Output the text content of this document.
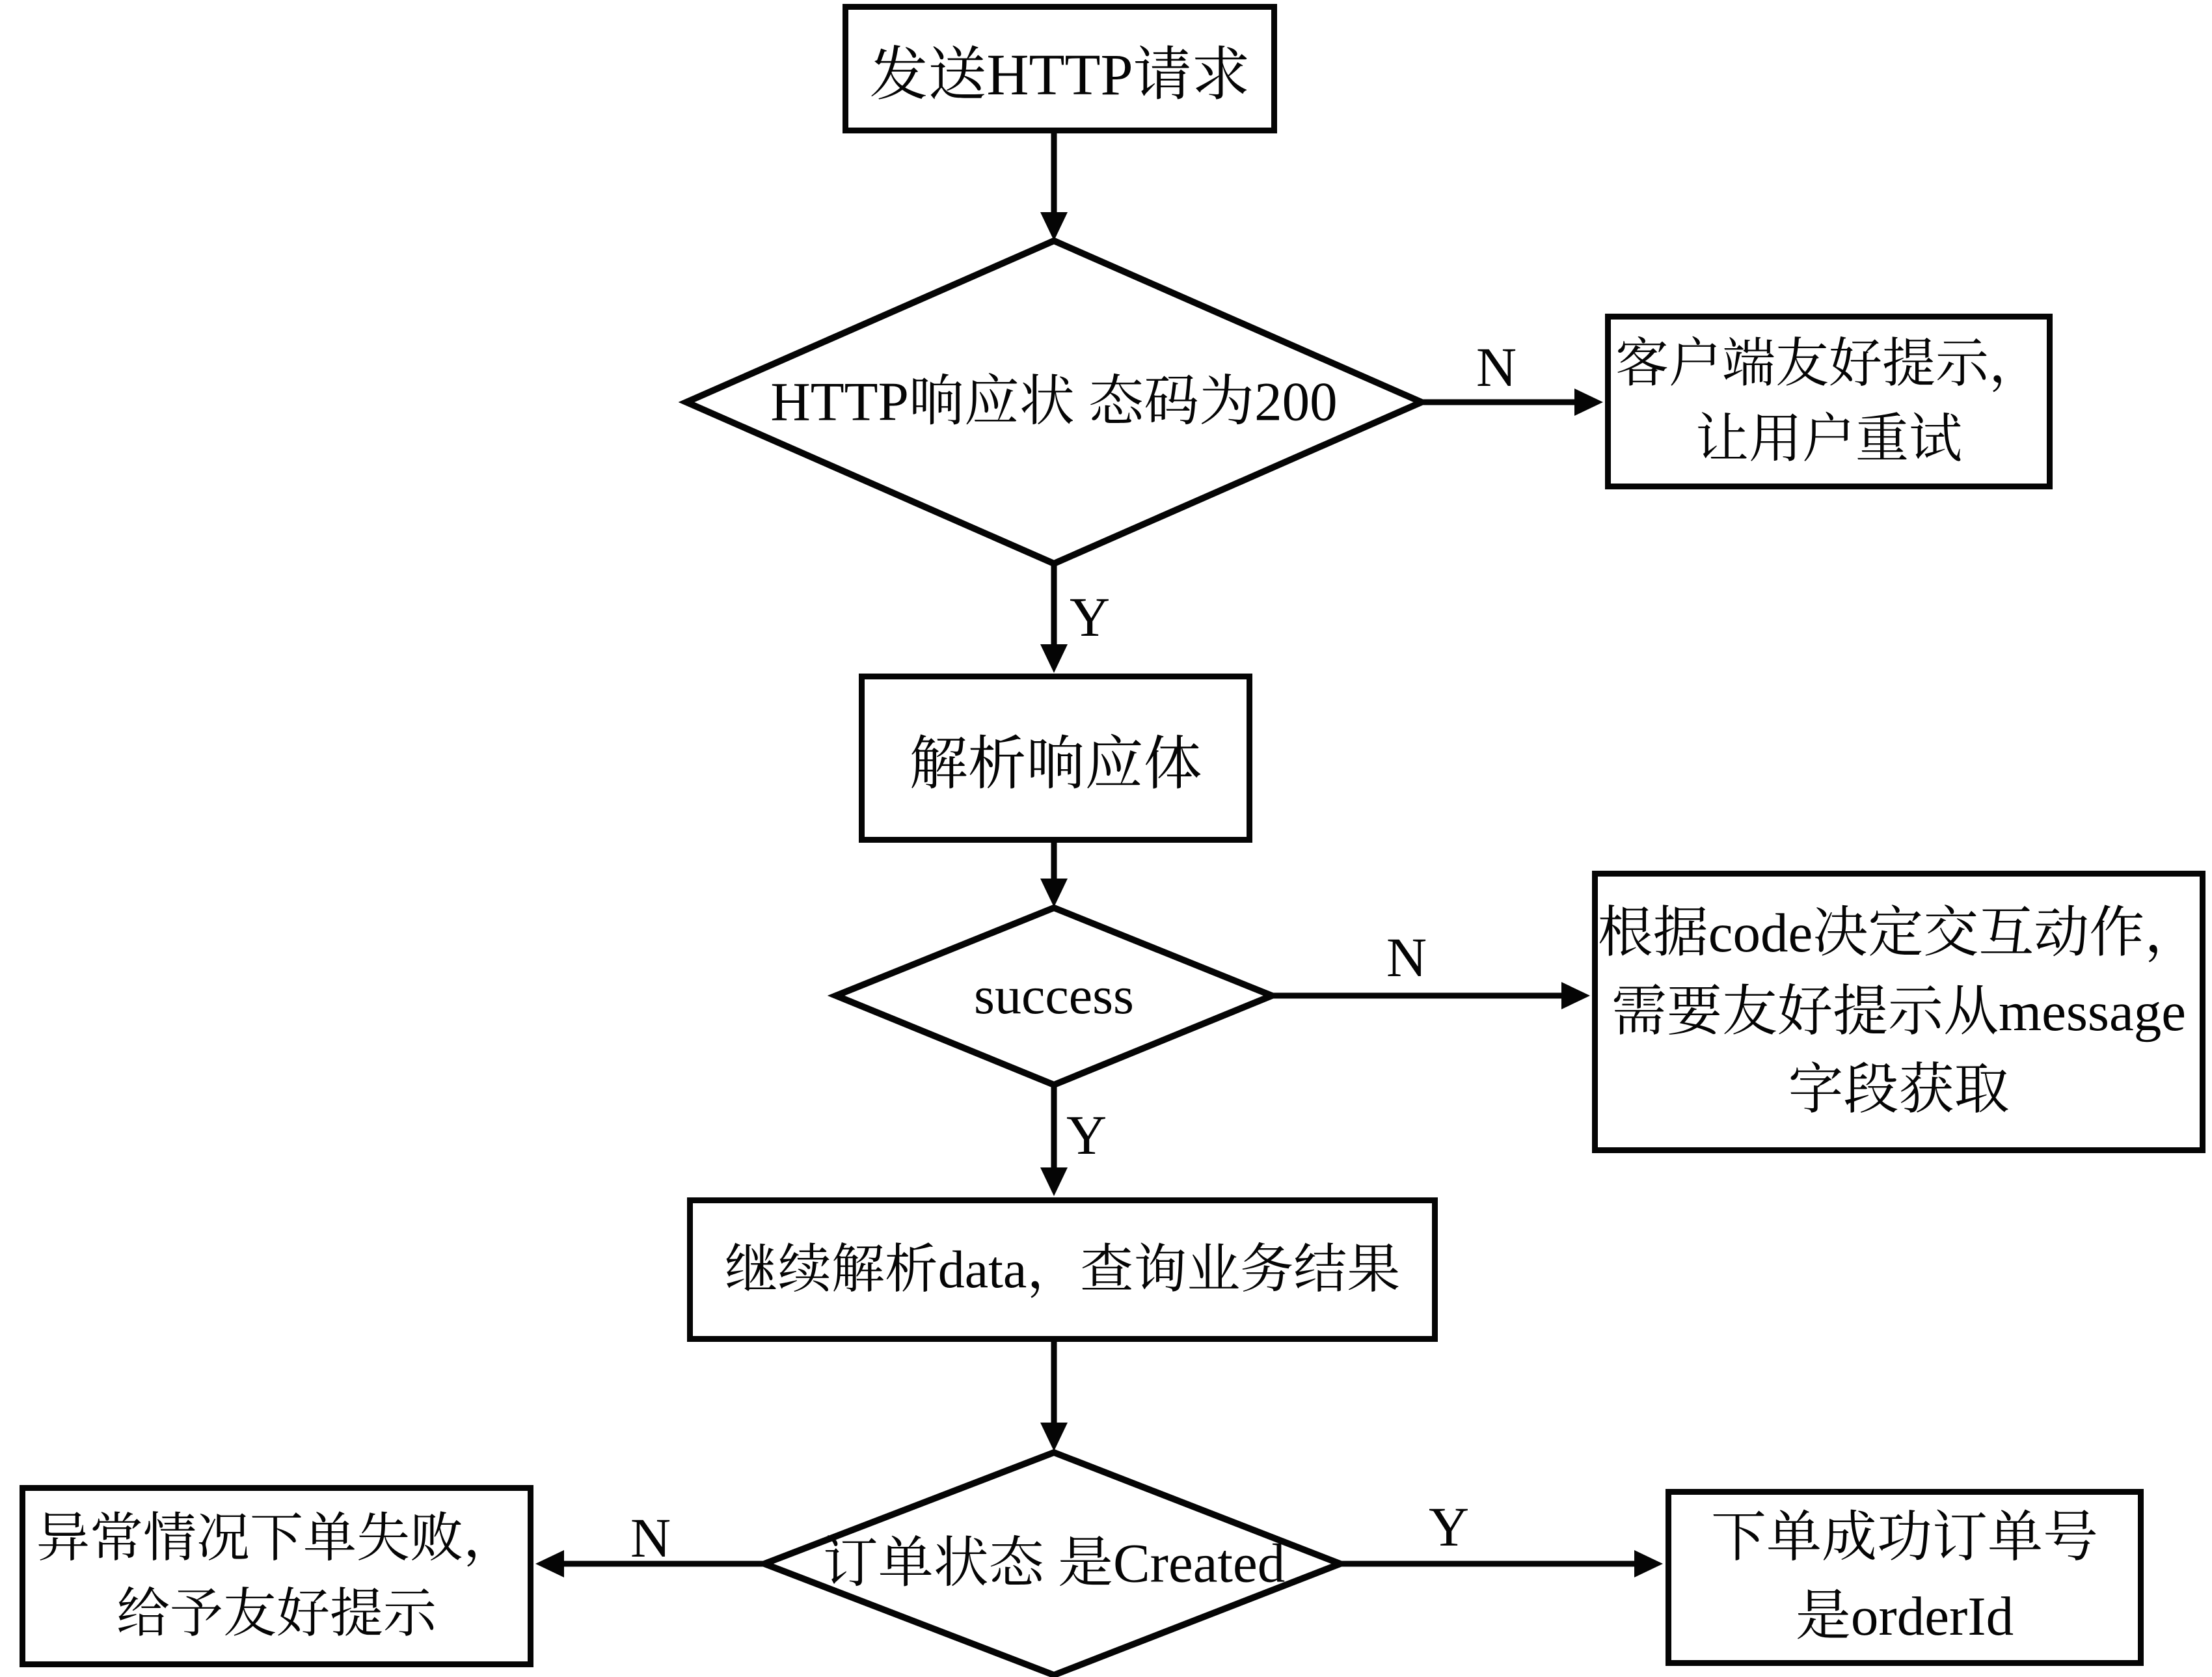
发送HTTP请求
客户端友好提示，
让用户重试
解析响应体
根据code决定交互动作，
需要友好提示从message
字段获取
继续解析data，查询业务结果
异常情况下单失败，
给予友好提示
下单成功订单号
是orderId
HTTP响应状 态码为200
success
订单状态 是Created
N
Y
N
Y
N	Y
